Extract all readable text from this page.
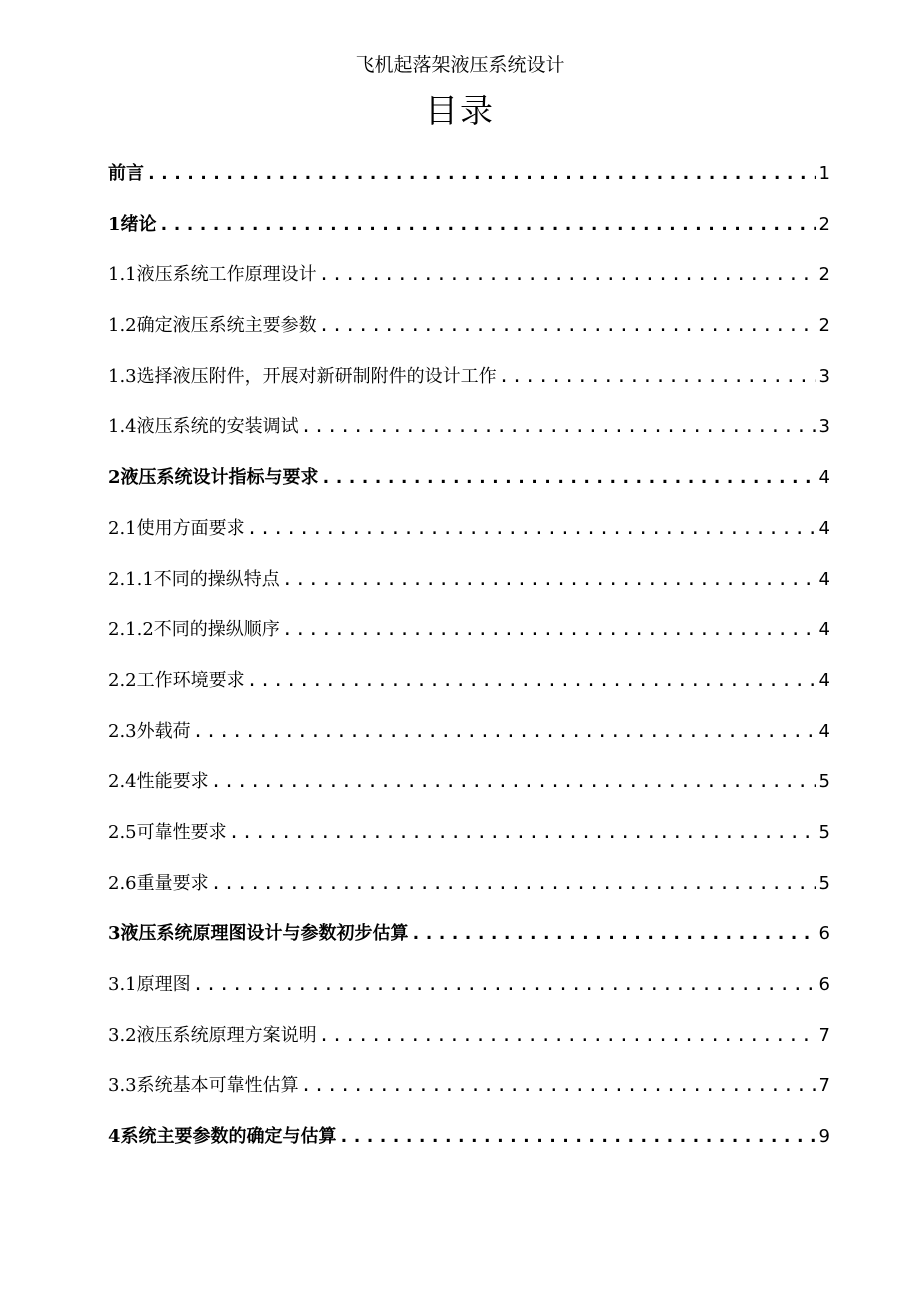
飞机起落架液压系统设计
目录
前言 .....	1
1绪论 .....	2
1.1液压系统工作原理设计 .....	2
1.2确定液压系统主要参数 .....	2
1.3选择液压附件，开展对新研制附件的设计工作 .....	3
1.4液压系统的安装调试 .....	3
2液压系统设计指标与要求 .....	4
2.1使用方面要求 .....	4
2.1.1不同的操纵特点 .....	4
2.1.2不同的操纵顺序 .....	4
2.2工作环境要求 .....	4
2.3外载荷 .....	4
2.4性能要求 .....	5
2.5可靠性要求 .....	5
2.6重量要求 .....	5
3液压系统原理图设计与参数初步估算 .....	6
3.1原理图 .....	6
3.2液压系统原理方案说明 .....	7
3.3系统基本可靠性估算 .....	7
4系统主要参数的确定与估算 .....	9
